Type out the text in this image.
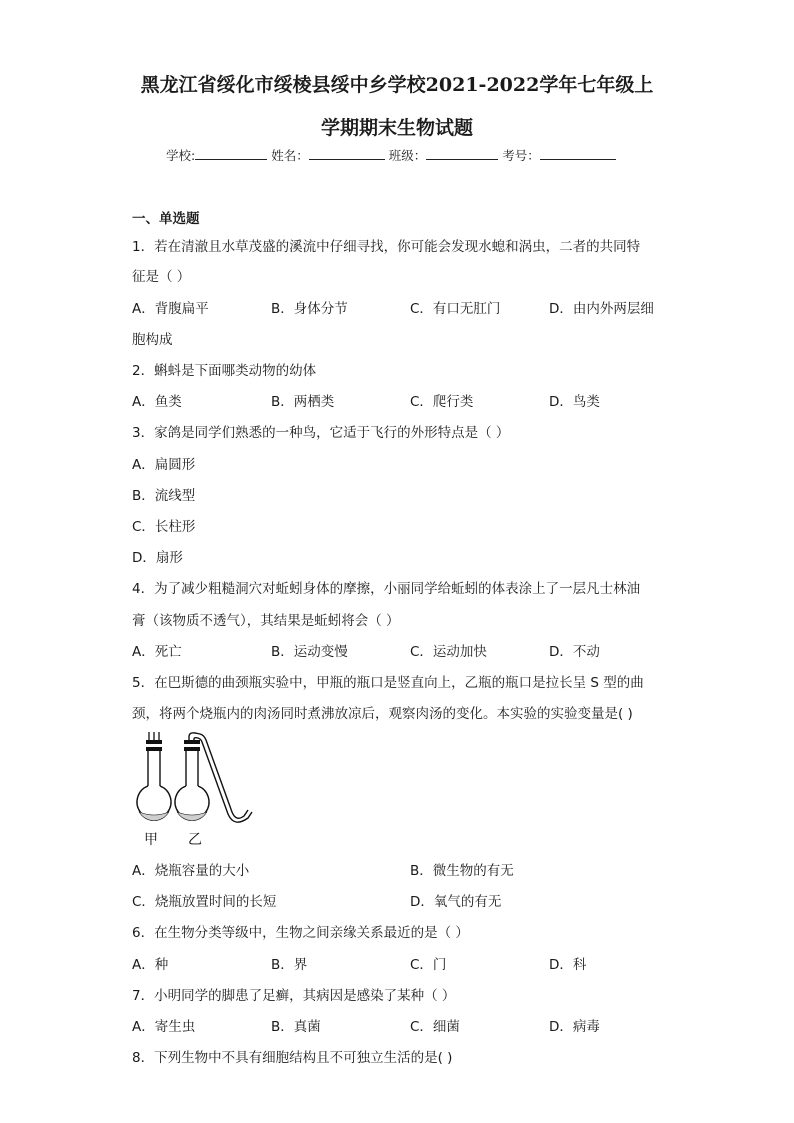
黑龙江省绥化市绥棱县绥中乡学校2021-2022学年七年级上
学期期末生物试题
学校:	姓名：	班级：	考号：
一、单选题
1．若在清澈且水草茂盛的溪流中仔细寻找，你可能会发现水螅和涡虫，二者的共同特
征是（ ）
A．背腹扁平	B．身体分节	C．有口无肛门	D．由内外两层细
胞构成
2．蝌蚪是下面哪类动物的幼体
A．鱼类	B．两栖类	C．爬行类	D．鸟类
3．家鸽是同学们熟悉的一种鸟，它适于飞行的外形特点是（ ）
A．扁圆形
B．流线型
C．长柱形
D．扇形
4．为了减少粗糙洞穴对蚯蚓身体的摩擦，小丽同学给蚯蚓的体表涂上了一层凡士林油
膏（该物质不透气），其结果是蚯蚓将会（ ）
A．死亡	B．运动变慢	C．运动加快	D．不动
5．在巴斯德的曲颈瓶实验中，甲瓶的瓶口是竖直向上，乙瓶的瓶口是拉长呈 S 型的曲
颈，将两个烧瓶内的肉汤同时煮沸放凉后，观察肉汤的变化。本实验的实验变量是( )
甲 乙
A．烧瓶容量的大小	B．微生物的有无
C．烧瓶放置时间的长短	D．氧气的有无
6．在生物分类等级中，生物之间亲缘关系最近的是（ ）
A．种	B．界	C．门	D．科
7．小明同学的脚患了足癣，其病因是感染了某种（ ）
A．寄生虫	B．真菌	C．细菌	D．病毒
8．下列生物中不具有细胞结构且不可独立生活的是( )
